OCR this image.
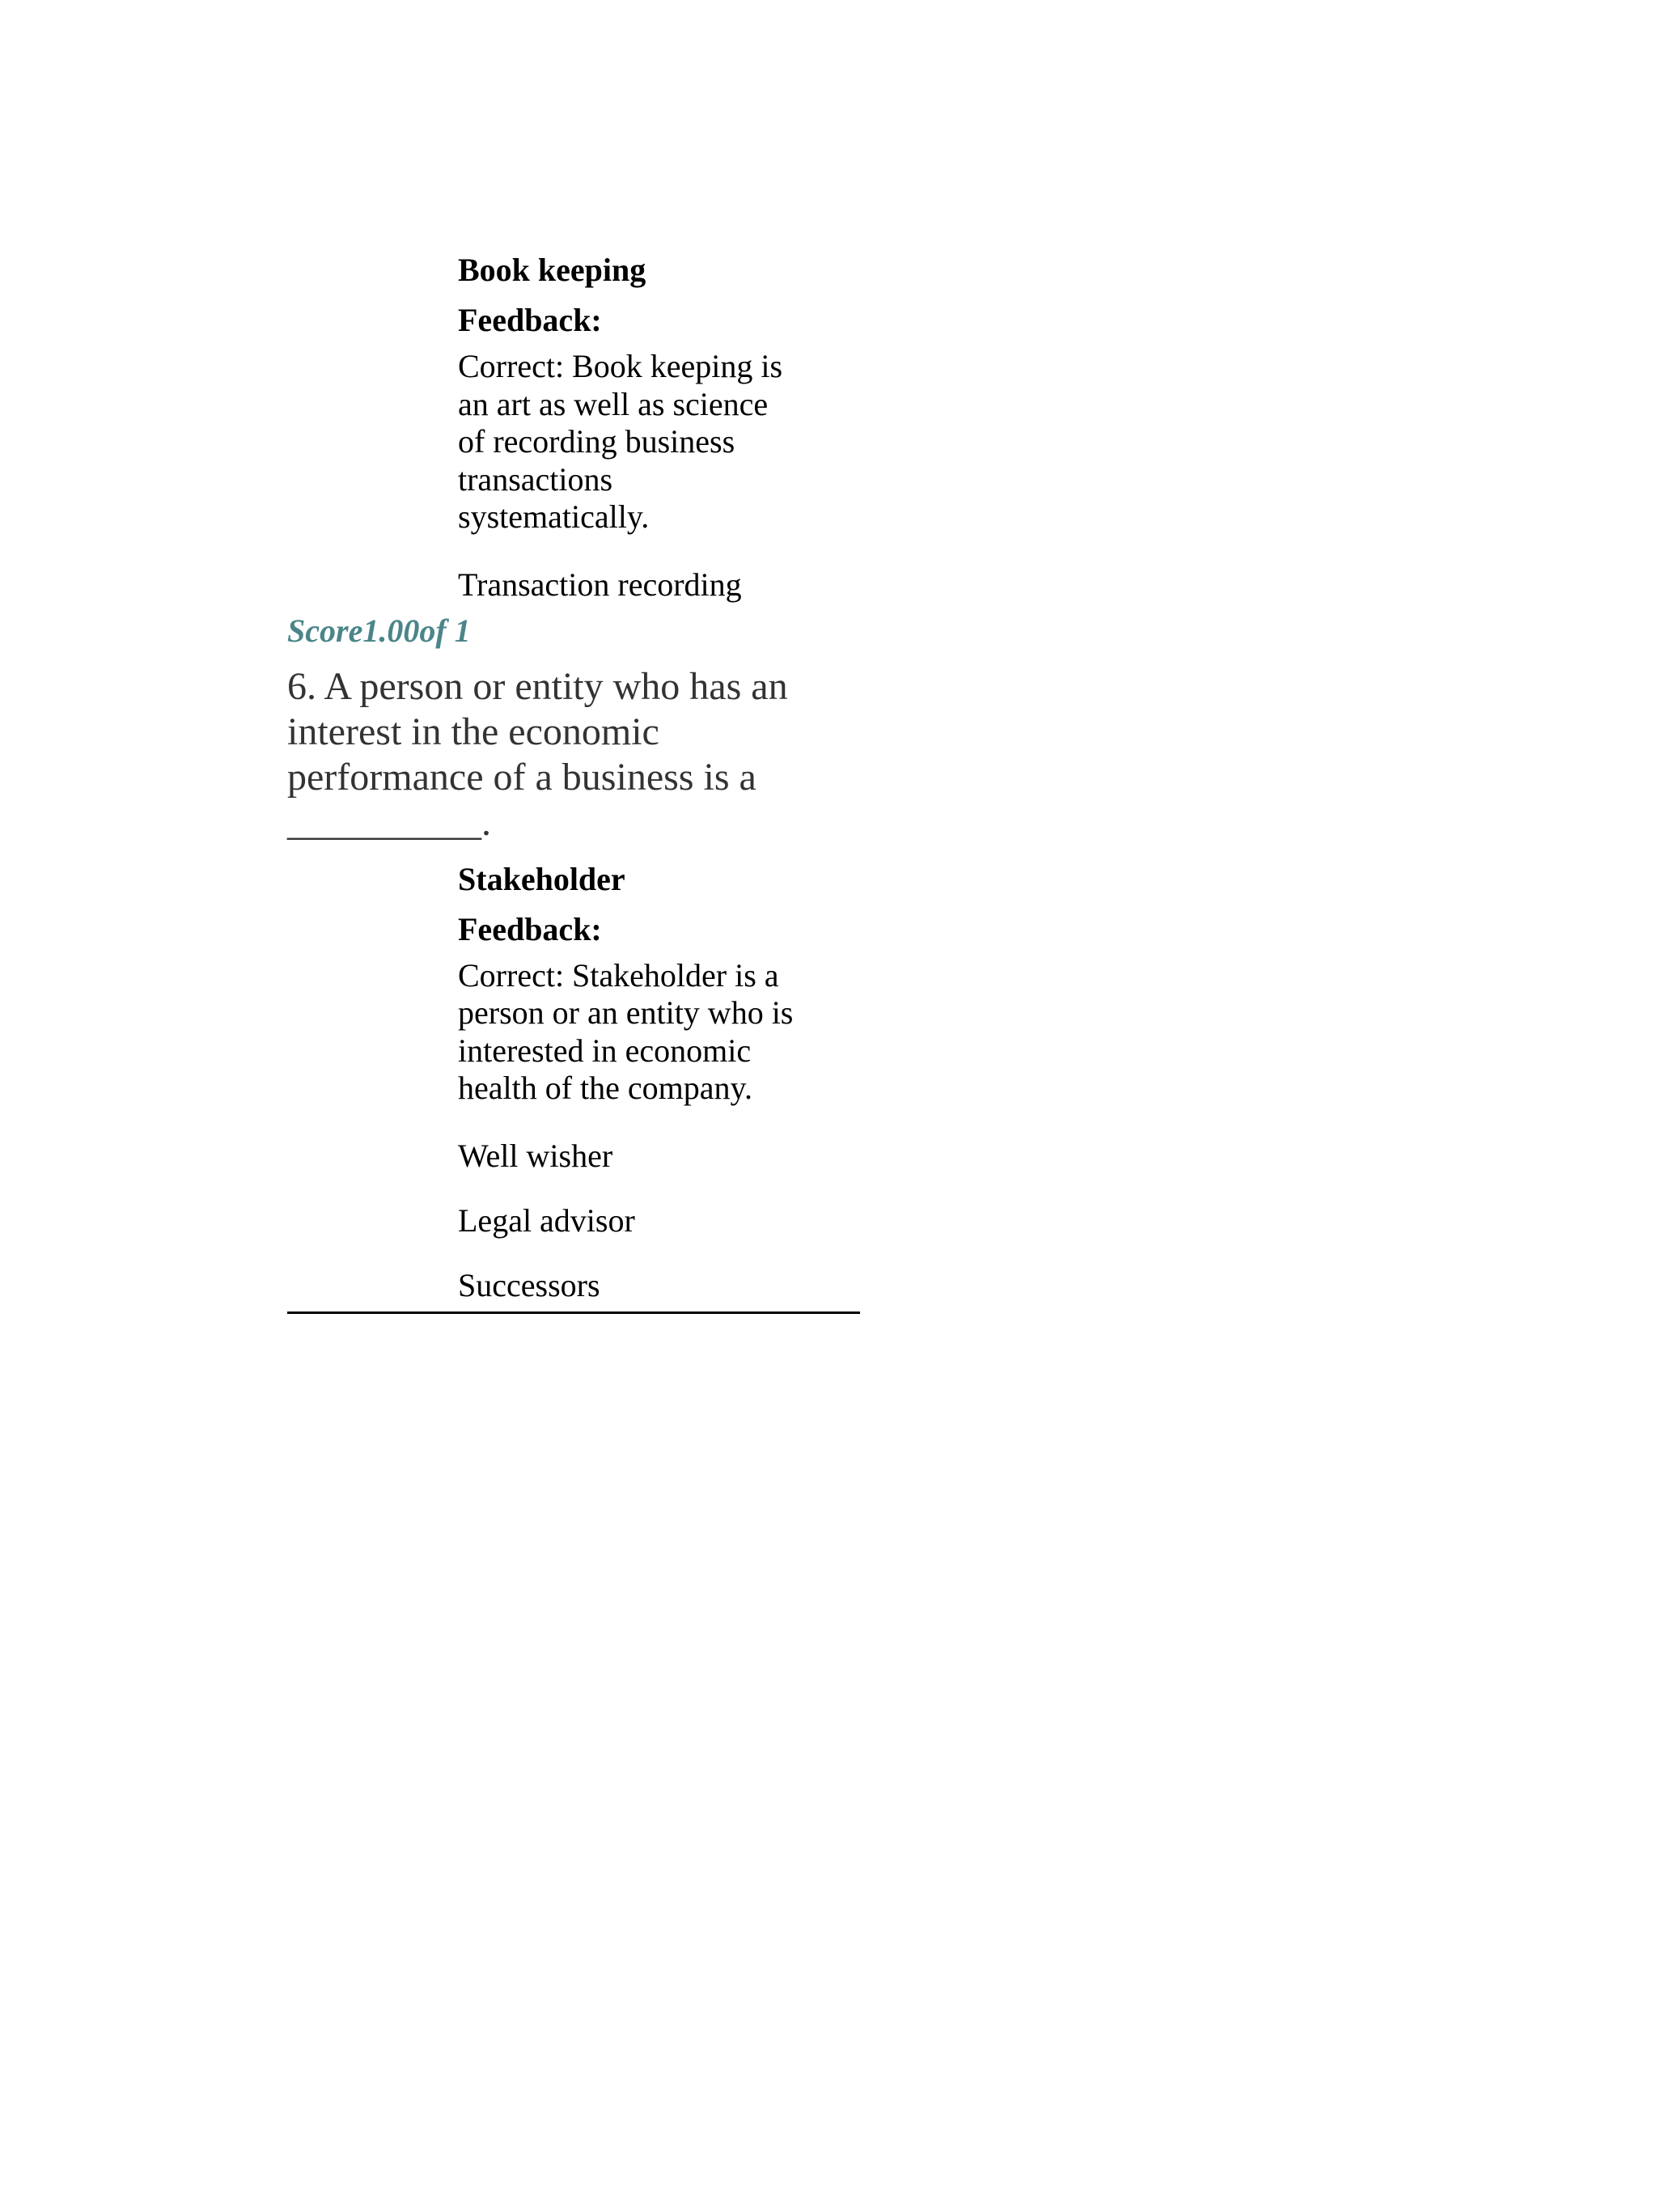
Book keeping
Feedback:
Correct: Book keeping is an art as well as science of recording business transactions systematically.
Transaction recording
Score1.00of 1
6. A person or entity who has an interest in the economic performance of a business is a __________.
Stakeholder
Feedback:
Correct: Stakeholder is a person or an entity who is interested in economic health of the company.
Well wisher
Legal advisor
Successors
